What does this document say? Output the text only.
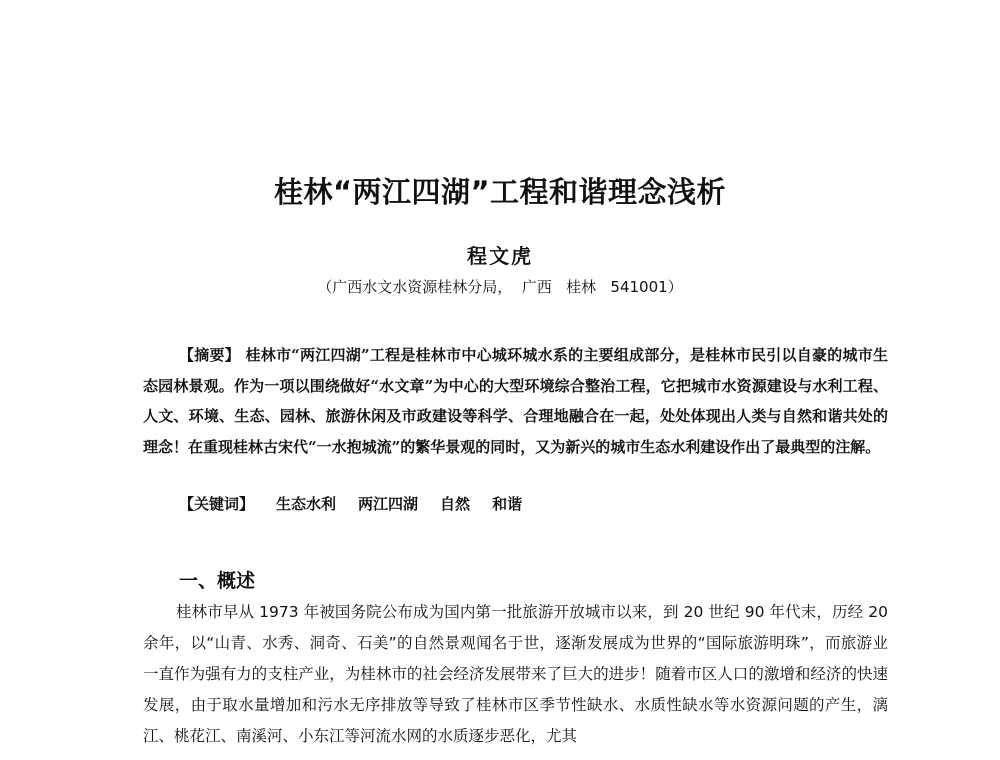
桂林“两江四湖”工程和谐理念浅析
程文虎
（广西水文水资源桂林分局，  广西   桂林   541001）

【摘要】 桂林市“两江四湖”工程是桂林市中心城环城水系的主要组成部分，是桂林市民引以自豪的城市生态园林景观。作为一项以围绕做好“水文章”为中心的大型环境综合整治工程，它把城市水资源建设与水利工程、人文、环境、生态、园林、旅游休闲及市政建设等科学、合理地融合在一起，处处体现出人类与自然和谐共处的理念！在重现桂林古宋代“一水抱城流”的繁华景观的同时，又为新兴的城市生态水利建设作出了最典型的注解。

【关键词】 生态水利 两江四湖 自然 和谐
一、概述

桂林市早从 1973 年被国务院公布成为国内第一批旅游开放城市以来，到 20 世纪 90 年代末，历经 20 余年，以“山青、水秀、洞奇、石美”的自然景观闻名于世，逐渐发展成为世界的“国际旅游明珠”，而旅游业一直作为强有力的支柱产业，为桂林市的社会经济发展带来了巨大的进步！随着市区人口的激增和经济的快速发展，由于取水量增加和污水无序排放等导致了桂林市区季节性缺水、水质性缺水等水资源问题的产生，漓江、桃花江、南溪河、小东江等河流水网的水质逐步恶化，尤其
